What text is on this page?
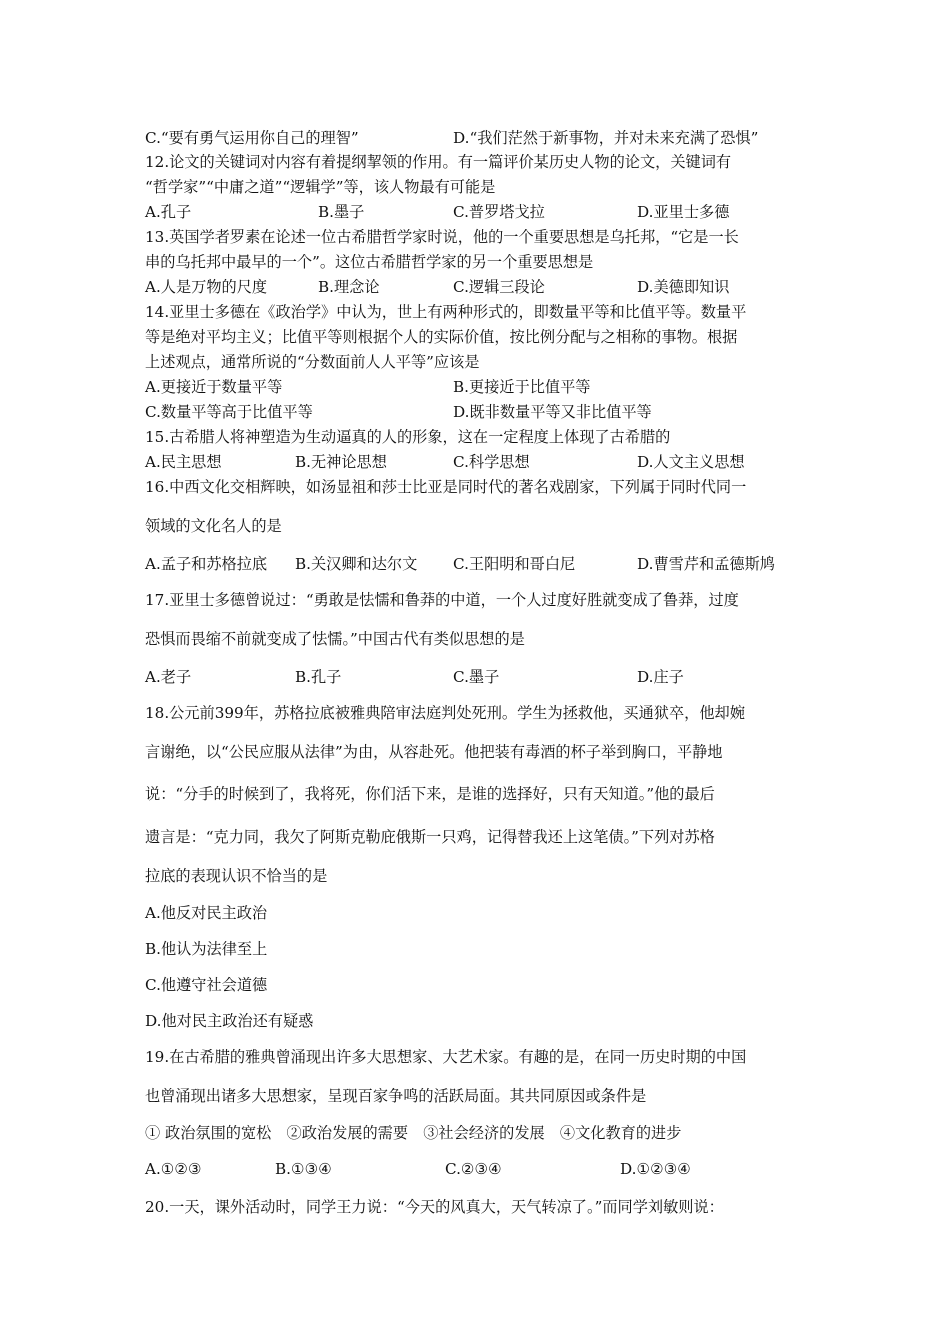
C.“要有勇气运用你自己的理智”	D.“我们茫然于新事物，并对未来充满了恐惧”
12.论文的关键词对内容有着提纲挈领的作用。有一篇评价某历史人物的论文，关键词有
“哲学家”“中庸之道”“逻辑学”等，该人物最有可能是
A.孔子	B.墨子	C.普罗塔戈拉	D.亚里士多德
13.英国学者罗素在论述一位古希腊哲学家时说，他的一个重要思想是乌托邦，“它是一长
串的乌托邦中最早的一个”。这位古希腊哲学家的另一个重要思想是
A.人是万物的尺度	B.理念论	C.逻辑三段论	D.美德即知识
14.亚里士多德在《政治学》中认为，世上有两种形式的，即数量平等和比值平等。数量平
等是绝对平均主义；比值平等则根据个人的实际价值，按比例分配与之相称的事物。根据
上述观点，通常所说的“分数面前人人平等”应该是
A.更接近于数量平等	B.更接近于比值平等
C.数量平等高于比值平等	D.既非数量平等又非比值平等
15.古希腊人将神塑造为生动逼真的人的形象，这在一定程度上体现了古希腊的
A.民主思想	B.无神论思想	C.科学思想	D.人文主义思想
16.中西文化交相辉映，如汤显祖和莎士比亚是同时代的著名戏剧家，下列属于同时代同一
领域的文化名人的是
A.孟子和苏格拉底 B.关汉卿和达尔文 C.王阳明和哥白尼	D.曹雪芹和孟德斯鸠
17.亚里士多德曾说过：“勇敢是怯懦和鲁莽的中道，一个人过度好胜就变成了鲁莽，过度
恐惧而畏缩不前就变成了怯懦。”中国古代有类似思想的是
A.老子	B.孔子	C.墨子	D.庄子
18.公元前399年，苏格拉底被雅典陪审法庭判处死刑。学生为拯救他，买通狱卒，他却婉
言谢绝，以“公民应服从法律”为由，从容赴死。他把装有毒酒的杯子举到胸口，平静地
说：“分手的时候到了，我将死，你们活下来，是谁的选择好，只有天知道。”他的最后
遗言是：“克力同，我欠了阿斯克勒庇俄斯一只鸡，记得替我还上这笔债。”下列对苏格
拉底的表现认识不恰当的是
A.他反对民主政治
B.他认为法律至上
C.他遵守社会道德
D.他对民主政治还有疑惑
19.在古希腊的雅典曾涌现出许多大思想家、大艺术家。有趣的是，在同一历史时期的中国
也曾涌现出诸多大思想家，呈现百家争鸣的活跃局面。其共同原因或条件是
① 政治氛围的宽松　②政治发展的需要　③社会经济的发展　④文化教育的进步
A.①②③	B.①③④	C.②③④	D.①②③④
20.一天，课外活动时，同学王力说：“今天的风真大，天气转凉了。”而同学刘敏则说：
